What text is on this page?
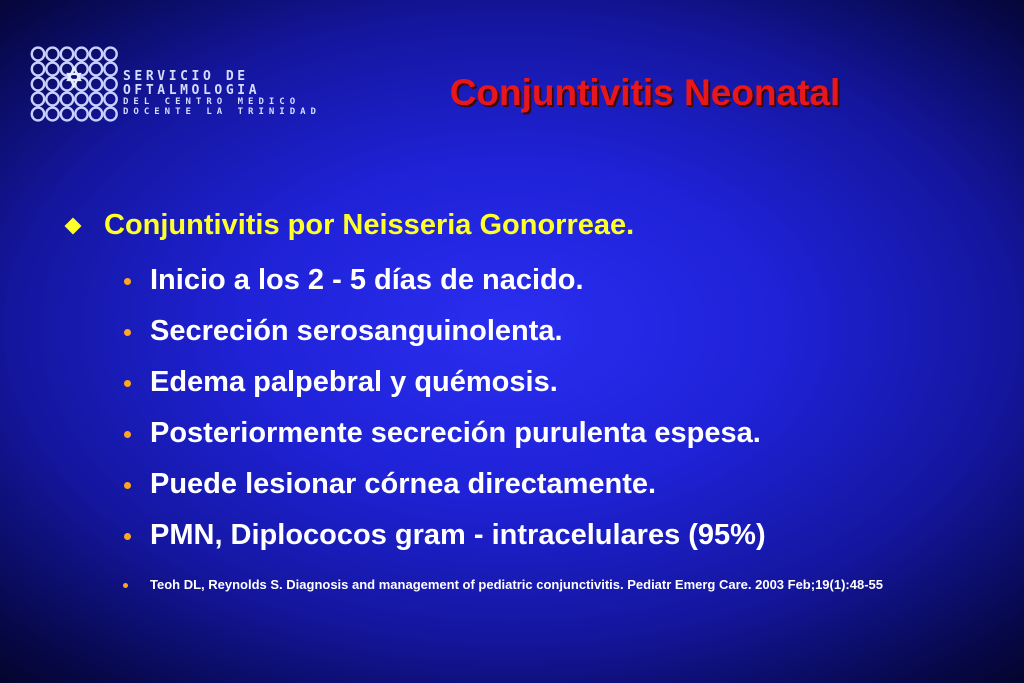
SERVICIO DE
OFTALMOLOGIA
DEL CENTRO MEDICO
DOCENTE LA TRINIDAD	Conjuntivitis Neonatal
Conjuntivitis por Neisseria Gonorreae.
Inicio a los 2 - 5 días de nacido.
Secreción serosanguinolenta.
Edema palpebral y quémosis.
Posteriormente secreción purulenta espesa.
Puede lesionar córnea directamente.
PMN, Diplococos gram - intracelulares (95%)
Teoh DL, Reynolds S. Diagnosis and management of pediatric conjunctivitis. Pediatr Emerg Care. 2003 Feb;19(1):48-55
